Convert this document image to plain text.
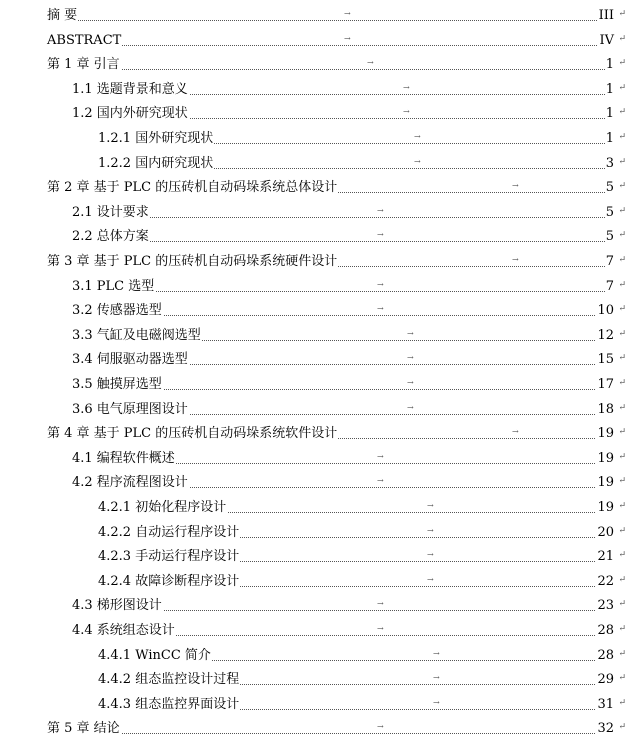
→
摘 要	III ↵
→
ABSTRACT	IV ↵
→
第 1 章 引言	1 ↵
→
1.1 选题背景和意义	1 ↵
→
1.2 国内外研究现状	1 ↵
→
1.2.1 国外研究现状	1 ↵
→
1.2.2 国内研究现状	3 ↵
→
第 2 章 基于 PLC 的压砖机自动码垛系统总体设计	5 ↵
→
2.1 设计要求	5 ↵
→
2.2 总体方案	5 ↵
→
第 3 章 基于 PLC 的压砖机自动码垛系统硬件设计	7 ↵
→
3.1 PLC 选型	7 ↵
→
3.2 传感器选型	10 ↵
→
3.3 气缸及电磁阀选型	12 ↵
→
3.4 伺服驱动器选型	15 ↵
→
3.5 触摸屏选型	17 ↵
→
3.6 电气原理图设计	18 ↵
→
第 4 章 基于 PLC 的压砖机自动码垛系统软件设计	19 ↵
→
4.1 编程软件概述	19 ↵
→
4.2 程序流程图设计	19 ↵
→
4.2.1 初始化程序设计	19 ↵
→
4.2.2 自动运行程序设计	20 ↵
→
4.2.3 手动运行程序设计	21 ↵
→
4.2.4 故障诊断程序设计	22 ↵
→
4.3 梯形图设计	23 ↵
→
4.4 系统组态设计	28 ↵
→
4.4.1 WinCC 简介	28 ↵
→
4.4.2 组态监控设计过程	29 ↵
→
4.4.3 组态监控界面设计	31 ↵
→
第 5 章 结论	32 ↵
